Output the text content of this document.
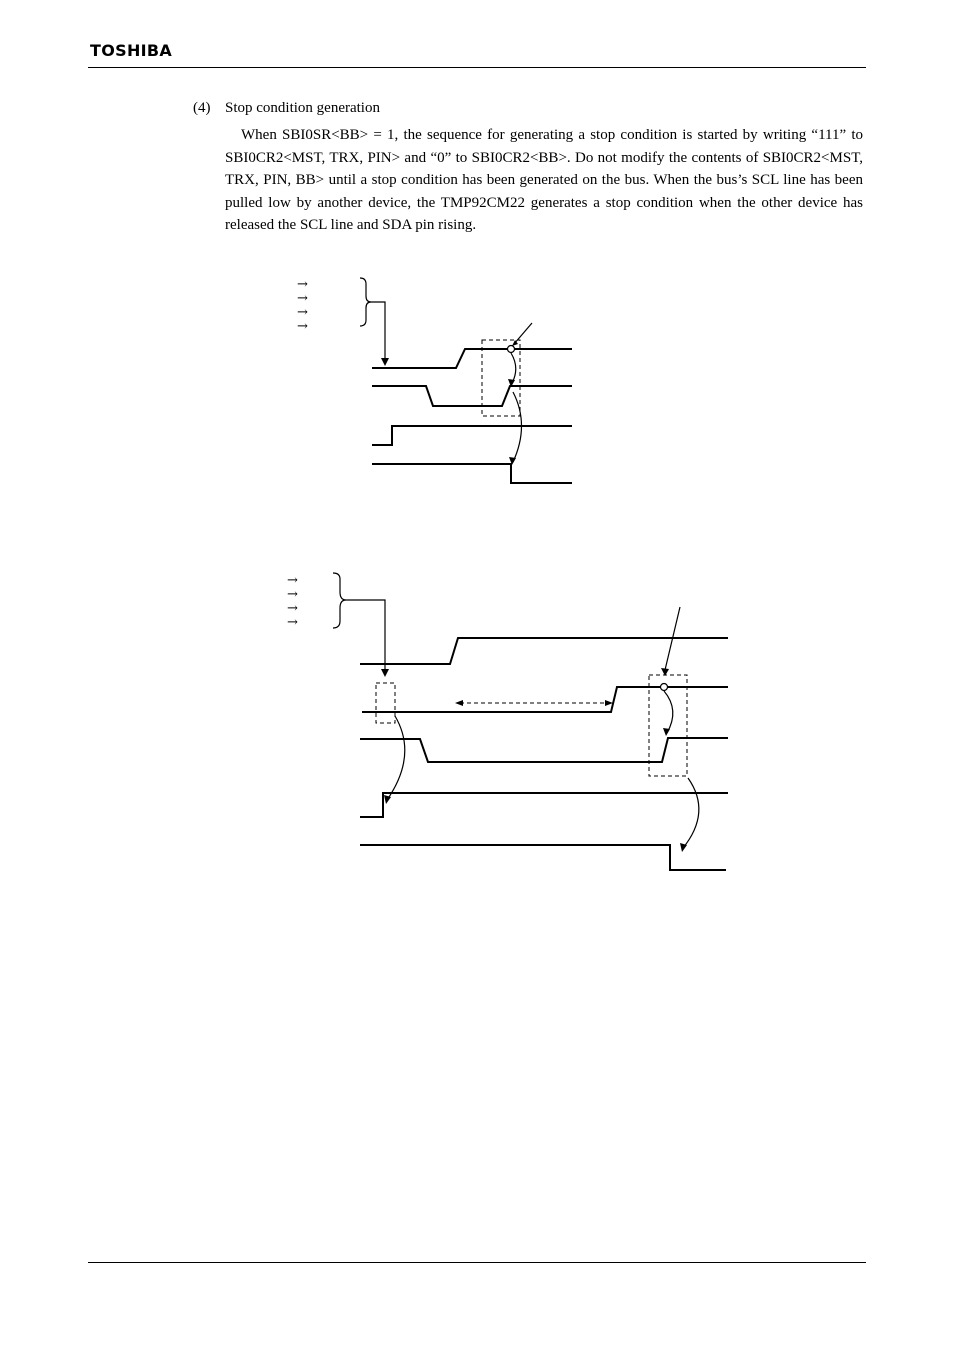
TOSHIBA
(4) Stop condition generation

When SBI0SR<BB> = 1, the sequence for generating a stop condition is started by writing “111” to SBI0CR2<MST, TRX, PIN> and “0” to SBI0CR2<BB>. Do not modify the contents of SBI0CR2<MST, TRX, PIN, BB> until a stop condition has been generated on the bus. When the bus’s SCL line has been pulled low by another device, the TMP92CM22 generates a stop condition when the other device has released the SCL line and SDA pin rising.

→
→
→
→
→
→
→
→
